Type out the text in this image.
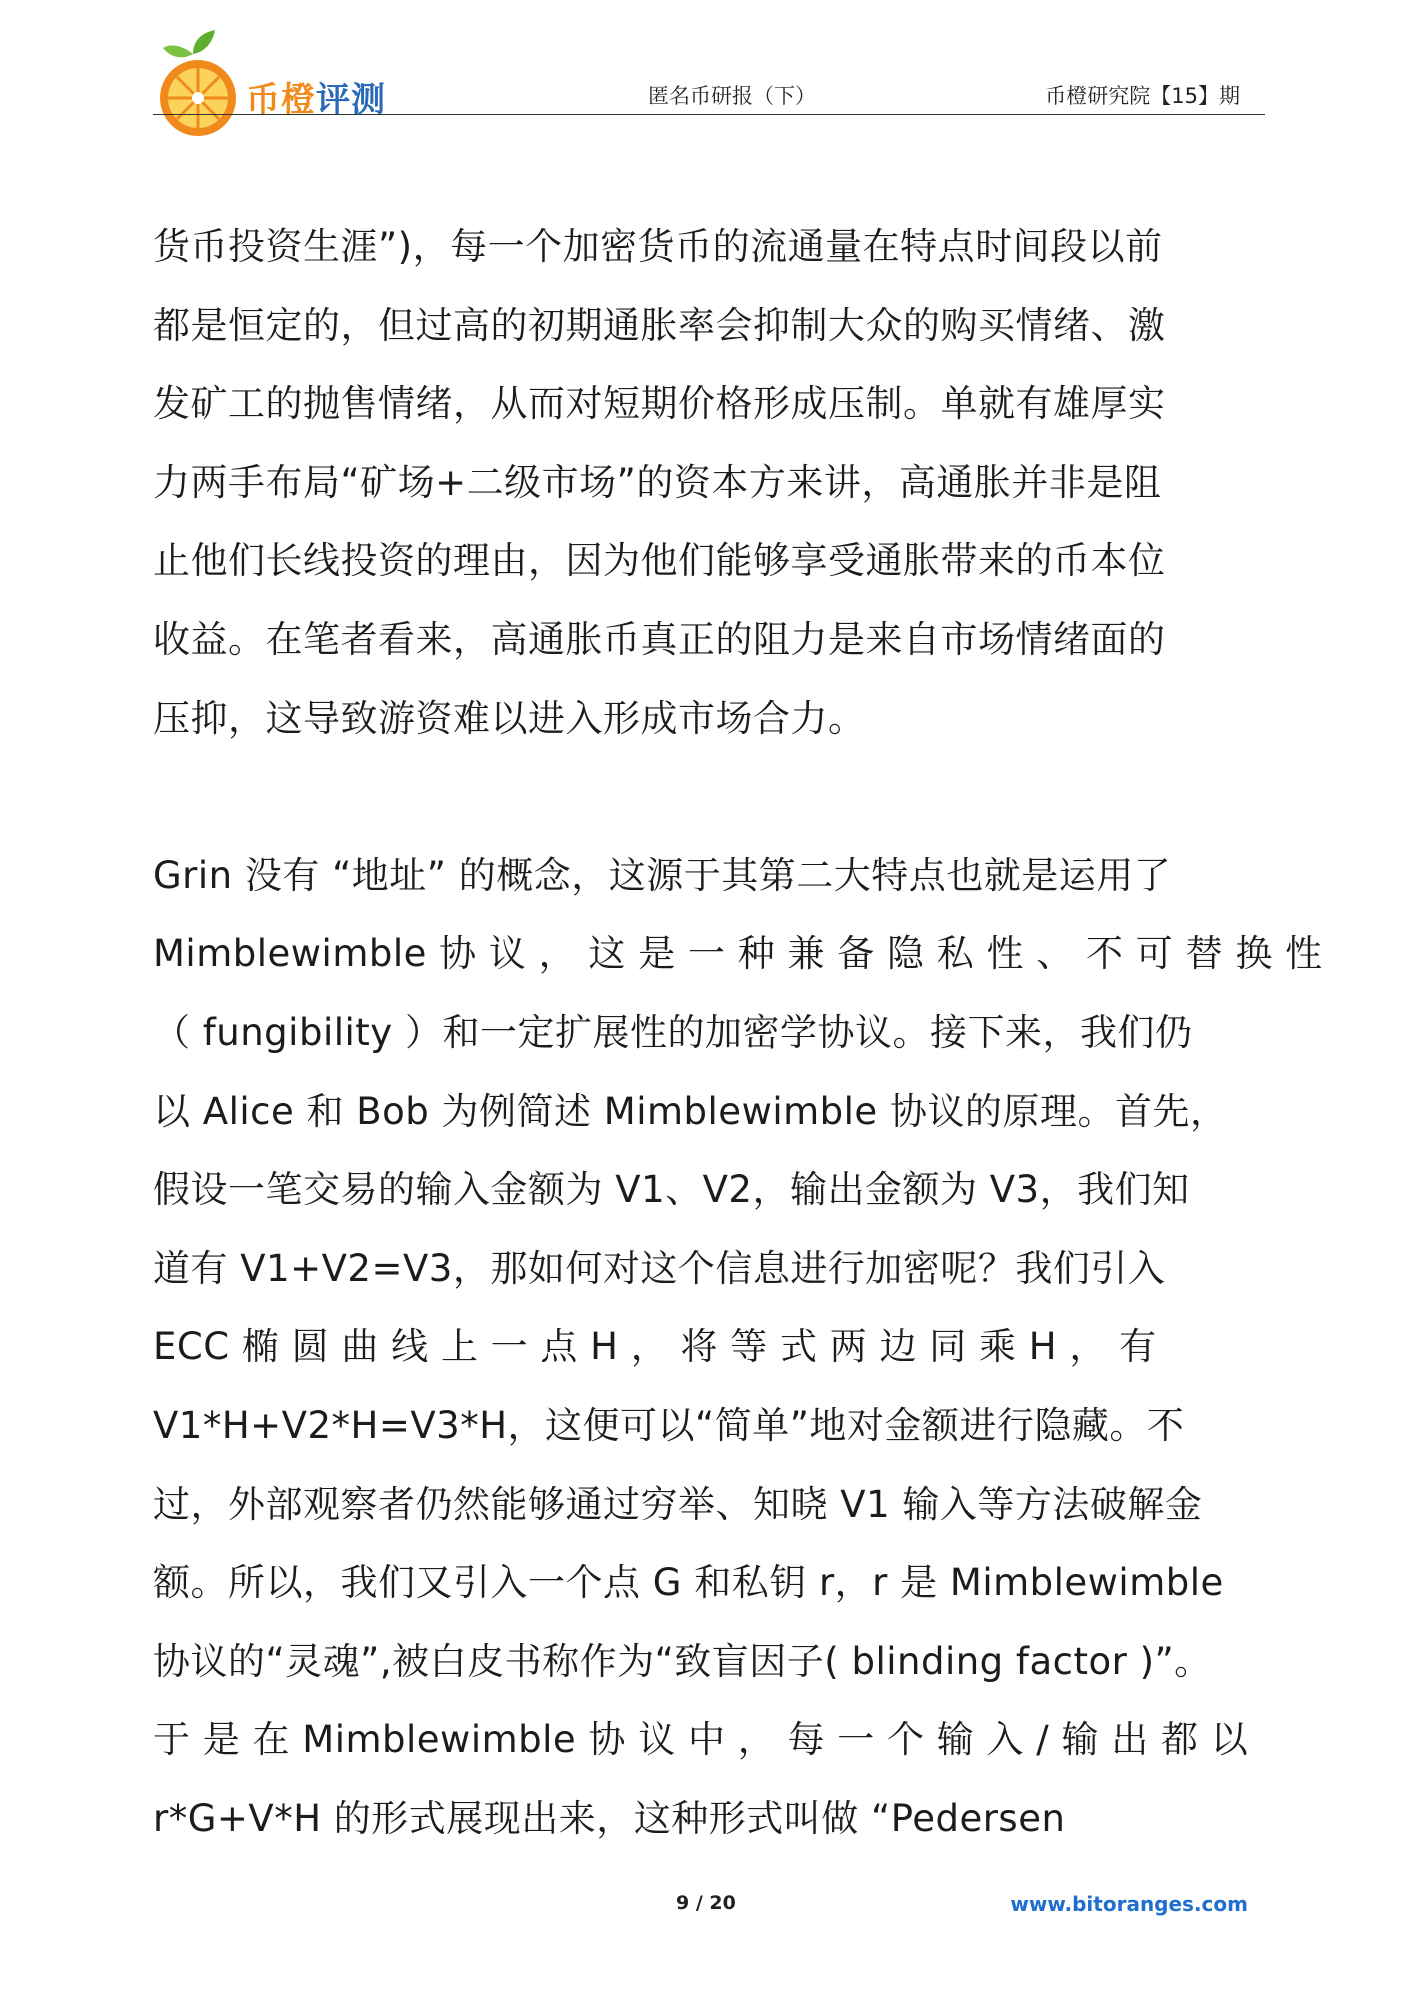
币橙评测	匿名币研报（下）	币橙研究院【15】期
货币投资生涯”)，每一个加密货币的流通量在特点时间段以前
都是恒定的，但过高的初期通胀率会抑制大众的购买情绪、激
发矿工的抛售情绪，从而对短期价格形成压制。单就有雄厚实
力两手布局“矿场+二级市场”的资本方来讲，高通胀并非是阻
止他们长线投资的理由，因为他们能够享受通胀带来的币本位
收益。在笔者看来，高通胀币真正的阻力是来自市场情绪面的
压抑，这导致游资难以进入形成市场合力。
Grin 没有 “地址” 的概念，这源于其第二大特点也就是运用了
Mimblewimble 协 议 ， 这 是 一 种 兼 备 隐 私 性 、 不 可 替 换 性
（ fungibility ）和一定扩展性的加密学协议。接下来，我们仍
以 Alice 和 Bob 为例简述 Mimblewimble 协议的原理。首先，
假设一笔交易的输入金额为 V1、V2，输出金额为 V3，我们知
道有 V1+V2=V3，那如何对这个信息进行加密呢？我们引入
ECC 椭 圆 曲 线 上 一 点 H ， 将 等 式 两 边 同 乘 H ， 有
V1*H+V2*H=V3*H，这便可以“简单”地对金额进行隐藏。不
过，外部观察者仍然能够通过穷举、知晓 V1 输入等方法破解金
额。所以，我们又引入一个点 G 和私钥 r，r 是 Mimblewimble
协议的“灵魂”,被白皮书称作为“致盲因子( blinding factor )”。
于 是 在 Mimblewimble 协 议 中 ， 每 一 个 输 入 / 输 出 都 以
r*G+V*H 的形式展现出来，这种形式叫做 “Pedersen
9 / 20	www.bitoranges.com
